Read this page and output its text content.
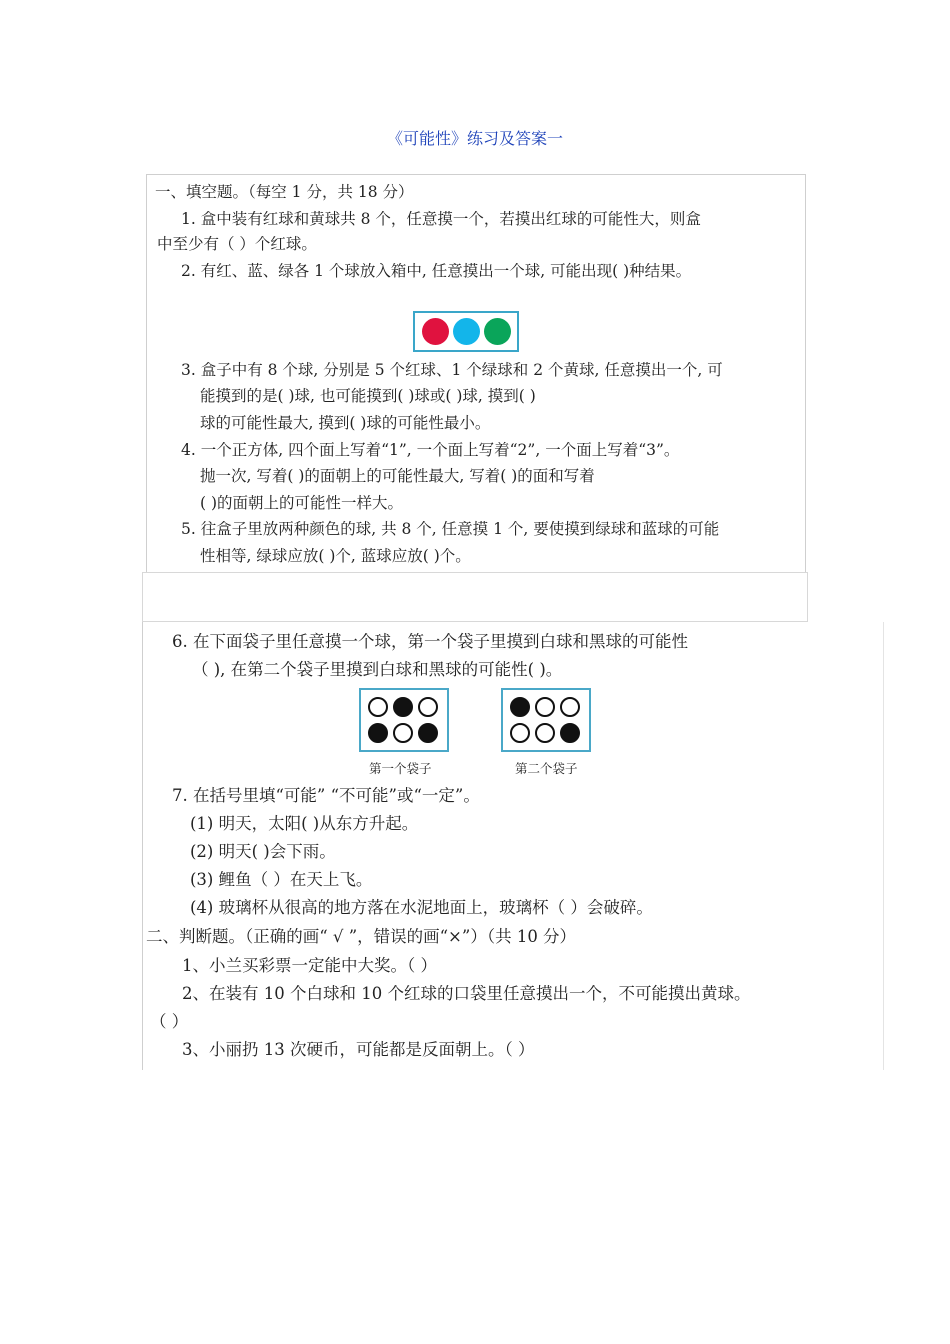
《可能性》练习及答案一
一、填空题。（每空 1 分，共 18 分）
1. 盒中装有红球和黄球共 8 个，任意摸一个，若摸出红球的可能性大，则盒
中至少有（ ）个红球。
2. 有红、蓝、绿各 1 个球放入箱中, 任意摸出一个球, 可能出现( )种结果。
3. 盒子中有 8 个球, 分别是 5 个红球、1 个绿球和 2 个黄球, 任意摸出一个, 可
能摸到的是( )球, 也可能摸到( )球或( )球, 摸到( )
球的可能性最大, 摸到( )球的可能性最小。
4. 一个正方体, 四个面上写着“1”, 一个面上写着“2”, 一个面上写着“3”。
抛一次, 写着( )的面朝上的可能性最大, 写着( )的面和写着
( )的面朝上的可能性一样大。
5. 往盒子里放两种颜色的球, 共 8 个, 任意摸 1 个, 要使摸到绿球和蓝球的可能
性相等, 绿球应放( )个, 蓝球应放( )个。
6. 在下面袋子里任意摸一个球，第一个袋子里摸到白球和黑球的可能性
（ ), 在第二个袋子里摸到白球和黑球的可能性( )。
第一个袋子	第二个袋子
7. 在括号里填“可能” “不可能”或“一定”。
(1) 明天，太阳( )从东方升起。
(2) 明天( )会下雨。
(3) 鲤鱼（ ）在天上飞。
(4) 玻璃杯从很高的地方落在水泥地面上，玻璃杯（ ）会破碎。
二、判断题。（正确的画“ √ ”，错误的画“×”）（共 10 分）
1、小兰买彩票一定能中大奖。（ ）
2、在装有 10 个白球和 10 个红球的口袋里任意摸出一个，不可能摸出黄球。
（ ）
3、小丽扔 13 次硬币，可能都是反面朝上。（ ）
